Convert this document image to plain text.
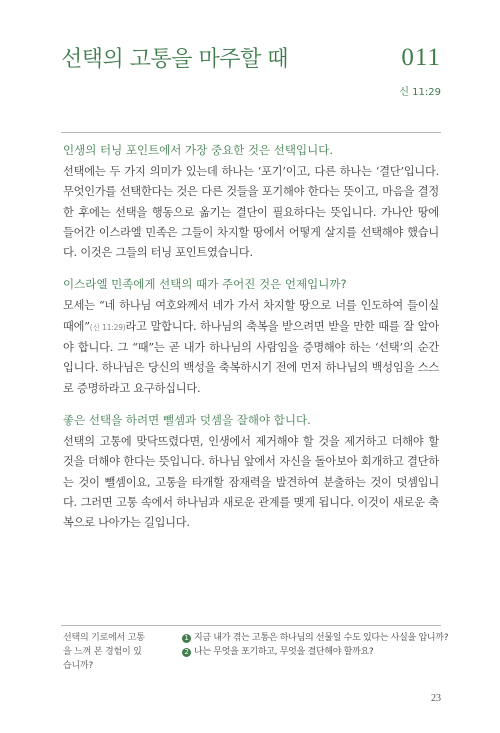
선택의 고통을 마주할 때	011
신 11:29
인생의 터닝 포인트에서 가장 중요한 것은 선택입니다.

선택에는 두 가지 의미가 있는데 하나는 ‘포기’이고, 다른 하나는 ‘결단’입니다. 무엇인가를 선택한다는 것은 다른 것들을 포기해야 한다는 뜻이고, 마음을 결정한 후에는 선택을 행동으로 옮기는 결단이 필요하다는 뜻입니다. 가나안 땅에 들어간 이스라엘 민족은 그들이 차지할 땅에서 어떻게 살지를 선택해야 했습니다. 이것은 그들의 터닝 포인트였습니다.

이스라엘 민족에게 선택의 때가 주어진 것은 언제입니까?

모세는 “네 하나님 여호와께서 네가 가서 차지할 땅으로 너를 인도하여 들이실 때에”(신 11:29)라고 말합니다. 하나님의 축복을 받으려면 받을 만한 때를 잘 알아야 합니다. 그 “때”는 곧 내가 하나님의 사람임을 증명해야 하는 ‘선택’의 순간입니다. 하나님은 당신의 백성을 축복하시기 전에 먼저 하나님의 백성임을 스스로 증명하라고 요구하십니다.

좋은 선택을 하려면 뺄셈과 덧셈을 잘해야 합니다.

선택의 고통에 맞닥뜨렸다면, 인생에서 제거해야 할 것을 제거하고 더해야 할 것을 더해야 한다는 뜻입니다. 하나님 앞에서 자신을 돌아보아 회개하고 결단하는 것이 뺄셈이요, 고통을 타개할 잠재력을 발견하여 분출하는 것이 덧셈입니다. 그러면 고통 속에서 하나님과 새로운 관계를 맺게 됩니다. 이것이 새로운 축복으로 나아가는 길입니다.

선택의 기로에서 고통을 느껴 본 경험이 있습니까?
1 지금 내가 겪는 고통은 하나님의 선물일 수도 있다는 사실을 압니까?
2 나는 무엇을 포기하고, 무엇을 결단해야 할까요?
23
